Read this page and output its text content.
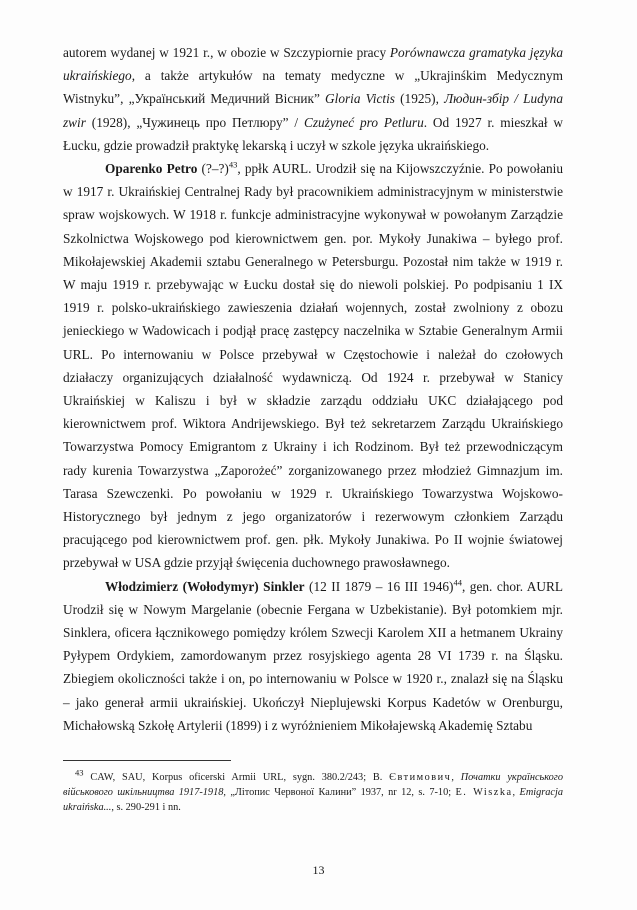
autorem wydanej w 1921 r., w obozie w Szczypiornie pracy Porównawcza gramatyka języka ukraińskiego, a także artykułów na tematy medyczne w „Ukrajinśkim Medycznym Wistnyku”, „Український Медичний Вісник” Gloria Victis (1925), Людин-збір / Ludyna zwir (1928), „Чужинець про Петлюру” / Czużyneć pro Petluru. Od 1927 r. mieszkał w Łucku, gdzie prowadził praktykę lekarską i uczył w szkole języka ukraińskiego.

Oparenko Petro (?–?)$^{43}$, ppłk AURL. Urodził się na Kijowszczyźnie. Po powołaniu w 1917 r. Ukraińskiej Centralnej Rady był pracownikiem administracyjnym w ministerstwie spraw wojskowych. W 1918 r. funkcje administracyjne wykonywał w powołanym Zarządzie Szkolnictwa Wojskowego pod kierownictwem gen. por. Mykoły Junakiwa – byłego prof. Mikołajewskiej Akademii sztabu Generalnego w Petersburgu. Pozostał nim także w 1919 r. W maju 1919 r. przebywając w Łucku dostał się do niewoli polskiej. Po podpisaniu 1 IX 1919 r. polsko-ukraińskiego zawieszenia działań wojennych, został zwolniony z obozu jenieckiego w Wadowicach i podjął pracę zastępcy naczelnika w Sztabie Generalnym Armii URL. Po internowaniu w Polsce przebywał w Częstochowie i należał do czołowych działaczy organizujących działalność wydawniczą. Od 1924 r. przebywał w Stanicy Ukraińskiej w Kaliszu i był w składzie zarządu oddziału UKC działającego pod kierownictwem prof. Wiktora Andrijewskiego. Był też sekretarzem Zarządu Ukraińskiego Towarzystwa Pomocy Emigrantom z Ukrainy i ich Rodzinom. Był też przewodniczącym rady kurenia Towarzystwa „Zaporożeć” zorganizowanego przez młodzież Gimnazjum im. Tarasa Szewczenki. Po powołaniu w 1929 r. Ukraińskiego Towarzystwa Wojskowo-Historycznego był jednym z jego organizatorów i rezerwowym członkiem Zarządu pracującego pod kierownictwem prof. gen. płk. Mykoły Junakiwa. Po II wojnie światowej przebywał w USA gdzie przyjął święcenia duchownego prawosławnego.

Włodzimierz (Wołodymyr) Sinkler (12 II 1879 – 16 III 1946)$^{44}$, gen. chor. AURL Urodził się w Nowym Margelanie (obecnie Fergana w Uzbekistanie). Był potomkiem mjr. Sinklera, oficera łącznikowego pomiędzy królem Szwecji Karolem XII a hetmanem Ukrainy Pyłypem Ordykiem, zamordowanym przez rosyjskiego agenta 28 VI 1739 r. na Śląsku. Zbiegiem okoliczności także i on, po internowaniu w Polsce w 1920 r., znalazł się na Śląsku – jako generał armii ukraińskiej. Ukończył Nieplujewski Korpus Kadetów w Orenburgu, Michałowską Szkołę Artylerii (1899) i z wyróżnieniem Mikołajewską Akademię Sztabu

$^{43}$ CAW, SAU, Korpus oficerski Armii URL, sygn. 380.2/243; В. Євтимович, Початки українського військового шкільництва 1917-1918, „Літопис Червоної Калини” 1937, nr 12, s. 7-10; E. Wiszka, Emigracja ukraińska..., s. 290-291 i nn.

13
